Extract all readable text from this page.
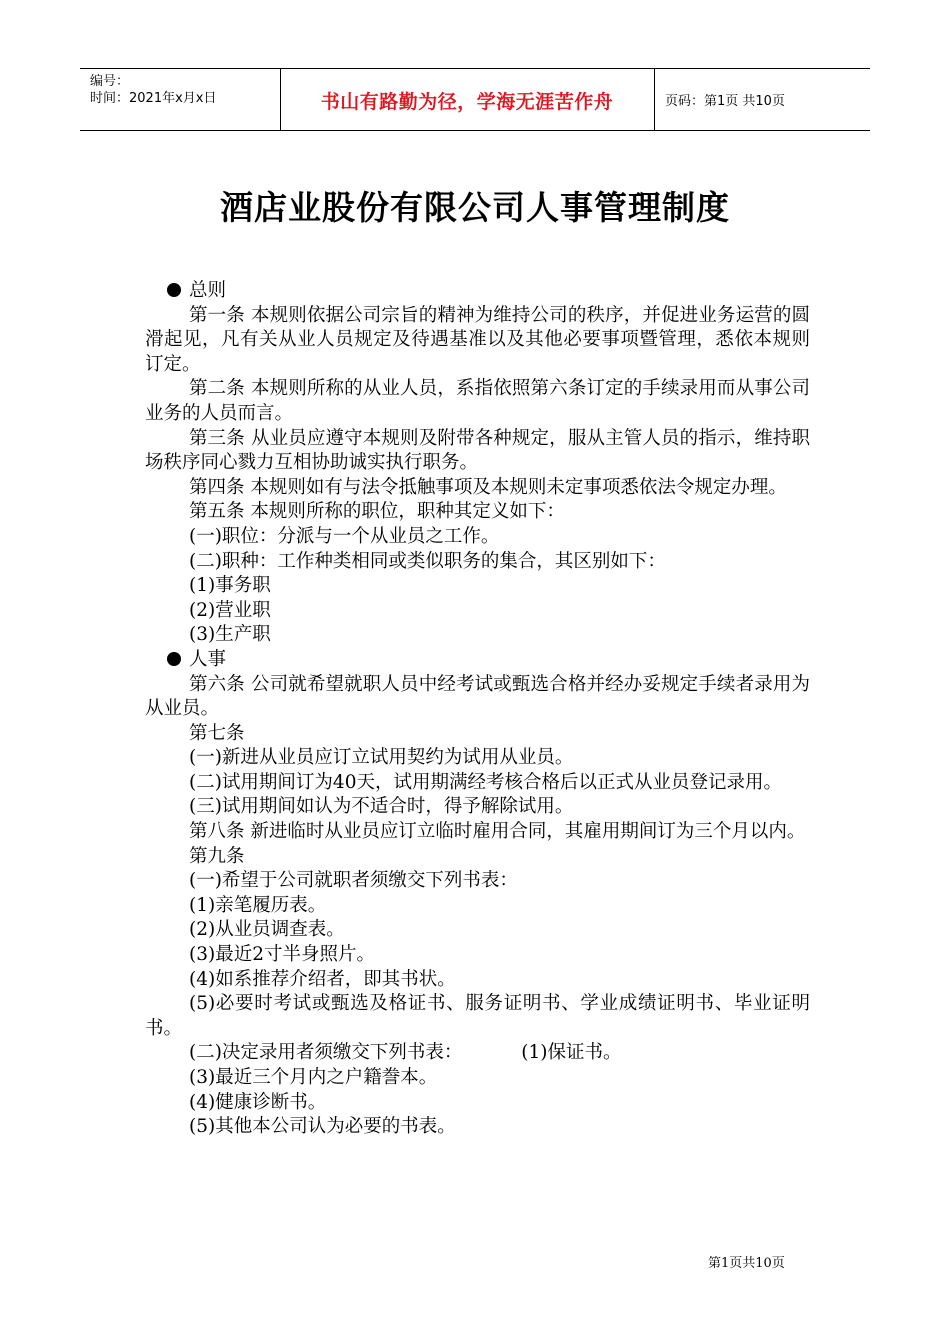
编号：
时间：2021年x月x日	书山有路勤为径，学海无涯苦作舟	页码：第1页 共10页
酒店业股份有限公司人事管理制度
总则

第一条 本规则依据公司宗旨的精神为维持公司的秩序，并促进业务运营的圆滑起见，凡有关从业人员规定及待遇基准以及其他必要事项暨管理，悉依本规则订定。

第二条 本规则所称的从业人员，系指依照第六条订定的手续录用而从事公司业务的人员而言。

第三条 从业员应遵守本规则及附带各种规定，服从主管人员的指示，维持职场秩序同心戮力互相协助诚实执行职务。

第四条 本规则如有与法令抵触事项及本规则未定事项悉依法令规定办理。

第五条 本规则所称的职位，职种其定义如下：

(一)职位：分派与一个从业员之工作。

(二)职种：工作种类相同或类似职务的集合，其区别如下：

(1)事务职

(2)营业职

(3)生产职

人事

第六条 公司就希望就职人员中经考试或甄选合格并经办妥规定手续者录用为从业员。

第七条

(一)新进从业员应订立试用契约为试用从业员。

(二)试用期间订为40天，试用期满经考核合格后以正式从业员登记录用。

(三)试用期间如认为不适合时，得予解除试用。

第八条 新进临时从业员应订立临时雇用合同，其雇用期间订为三个月以内。

第九条

(一)希望于公司就职者须缴交下列书表：

(1)亲笔履历表。

(2)从业员调查表。

(3)最近2寸半身照片。

(4)如系推荐介绍者，即其书状。

(5)必要时考试或甄选及格证书、服务证明书、学业成绩证明书、毕业证明书。

(二)决定录用者须缴交下列书表：          (1)保证书。

(3)最近三个月内之户籍誊本。

(4)健康诊断书。

(5)其他本公司认为必要的书表。

第1页共10页
